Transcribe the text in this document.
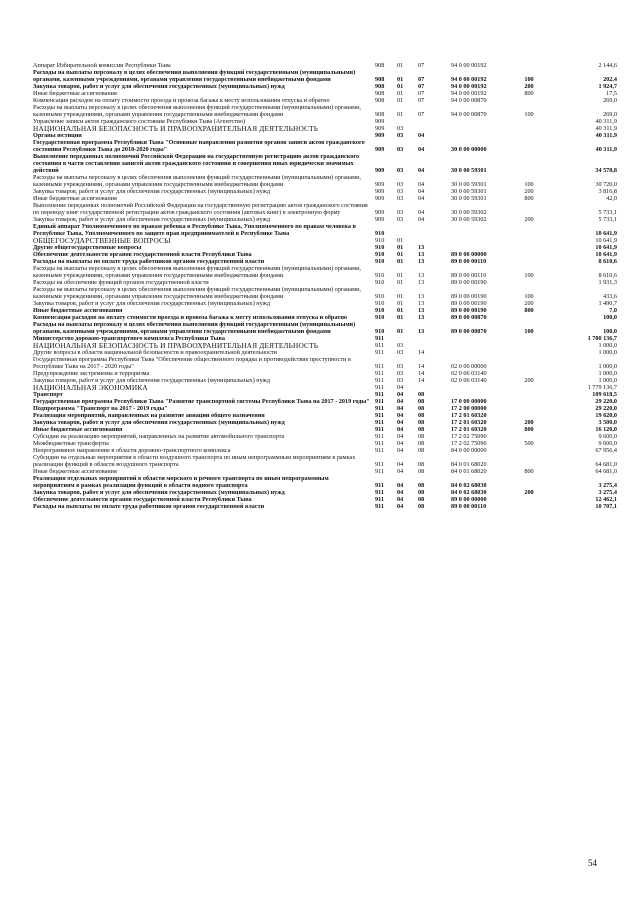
Аппарат Избирательной комиссии Республики Тыва	908	01	07	94 0 00 00192	2 144,6
Расходы на выплаты персоналу в целях обеспечения выполнения функций государственными (муниципальными) органами, казенными учреждениями, органами управления государственными внебюджетными фондами	908	01	07	94 0 00 00192	100	202,4
Закупка товаров, работ и услуг для обеспечения государственных (муниципальных) нужд	908	01	07	94 0 00 00192	200	1 924,7
Иные бюджетные ассигнования	908	01	07	94 0 00 00192	800	17,5
Компенсация расходов на оплату стоимости проезда и провоза багажа к месту использования отпуска и обратно	908	01	07	94 0 00 00870	269,0
Расходы на выплаты персоналу в целях обеспечения выполнения функций государственными (муниципальными) органами, казенными учреждениями, органами управления государственными внебюджетными фондами	908	01	07	94 0 00 00870	100	269,0
Управление записи актов гражданского состояния Республики Тыва (Агентство)	909	40 311,9
НАЦИОНАЛЬНАЯ БЕЗОПАСНОСТЬ И ПРАВООХРАНИТЕЛЬНАЯ ДЕЯТЕЛЬНОСТЬ	909	03	40 311,9
Органы юстиции	909	03	04	40 311,9
Государственная программа Республики Тыва "Основные направления развития органов записи актов гражданского состояния Республики Тыва до 2018-2020 годы"	909	03	04	30 0 00 00000	40 311,9
Выполнение переданных полномочий Российской Федерации на государственную регистрацию актов гражданского состояния в части составления записей актов гражданского состояния и совершения иных юридически значимых действий	909	03	04	30 0 00 59301	34 578,8
Расходы на выплаты персоналу в целях обеспечения выполнения функций государственными (муниципальными) органами, казенными учреждениями, органами управления государственными внебюджетными фондами	909	03	04	30 0 00 59301	100	30 720,0
Закупка товаров, работ и услуг для обеспечения государственных (муниципальных) нужд	909	03	04	30 0 00 59301	200	3 816,8
Иные бюджетные ассигнования	909	03	04	30 0 00 59301	800	42,0
Выполнение переданных полномочий Российской Федерации на государственную регистрацию актов гражданского состояния по переводу книг государственной регистрации актов гражданского состояния (актовых книг) в электронную форму	909	03	04	30 0 00 59302	5 733,1
Закупка товаров, работ и услуг для обеспечения государственных (муниципальных) нужд	909	03	04	30 0 00 59302	200	5 733,1
Единый аппарат Уполномоченного по правам ребенка в Республике Тыва, Уполномоченного по правам человека в Республике Тыва, Уполномоченного по защите прав предпринимателей в Республике Тыва	910	10 641,9
ОБЩЕГОСУДАРСТВЕННЫЕ ВОПРОСЫ	910	01	10 641,9
Другие общегосударственные вопросы	910	01	13	10 641,9
Обеспечение деятельности органов государственной власти Республики Тыва	910	01	13	89 0 00 00000	10 641,9
Расходы на выплаты по оплате труда работников органов государственной власти	910	01	13	89 0 00 00110	8 610,6
Расходы на выплаты персоналу в целях обеспечения выполнения функций государственными (муниципальными) органами, казенными учреждениями, органами управления государственными внебюджетными фондами	910	01	13	89 0 00 00110	100	8 610,6
Расходы на обеспечение функций органов государственной власти	910	01	13	89 0 00 00190	1 931,3
Расходы на выплаты персоналу в целях обеспечения выполнения функций государственными (муниципальными) органами, казенными учреждениями, органами управления государственными внебюджетными фондами	910	01	13	89 0 00 00190	100	433,6
Закупка товаров, работ и услуг для обеспечения государственных (муниципальных) нужд	910	01	13	89 0 00 00190	200	1 490,7
Иные бюджетные ассигнования	910	01	13	89 0 00 00190	800	7,0
Компенсация расходов на оплату стоимости проезда и провоза багажа к месту использования отпуска и обратно	910	01	13	89 0 00 00870	100,0
Расходы на выплаты персоналу в целях обеспечения выполнения функций государственными (муниципальными) органами, казенными учреждениями, органами управления государственными внебюджетными фондами	910	01	13	89 0 00 00870	100	100,0
Министерство дорожно-транспортного комплекса Республики Тыва	911	1 780 136,7
НАЦИОНАЛЬНАЯ БЕЗОПАСНОСТЬ И ПРАВООХРАНИТЕЛЬНАЯ ДЕЯТЕЛЬНОСТЬ	911	03	1 000,0
Другие вопросы в области национальной безопасности и правоохранительной деятельности	911	03	14	1 000,0
Государственная программа Республики Тыва "Обеспечение общественного порядка и противодействие преступности в Республике Тыва на 2017 - 2020 годы"	911	03	14	02 0 00 00000	1 000,0
Предупреждение экстремизма и терроризма	911	03	14	02 0 06 03140	1 000,0
Закупка товаров, работ и услуг для обеспечения государственных (муниципальных) нужд	911	03	14	02 0 06 03140	200	1 000,0
НАЦИОНАЛЬНАЯ ЭКОНОМИКА	911	04	1 779 136,7
Транспорт	911	04	08	109 618,5
Государственная программа Республики Тыва "Развитие транспортной системы Республики Тыва на 2017 - 2019 годы" 911	04	08	17 0 00 00000	29 220,0
Подпрограмма "Транспорт на 2017 - 2019 годы"	911	04	08	17 2 00 00000	29 220,0
Реализация мероприятий, направленных на развитие авиации общего назначения	911	04	08	17 2 01 60320	19 620,0
Закупка товаров, работ и услуг для обеспечения государственных (муниципальных) нужд	911	04	08	17 2 01 60320	200	3 500,0
Иные бюджетные ассигнования	911	04	08	17 2 01 60320	800	16 120,0
Субсидии на реализацию мероприятий, направленных на развитие автомобильного транспорта	911	04	08	17 2 02 75090	9 600,0
Межбюджетные трансферты	911	04	08	17 2 02 75090	500	9 600,0
Непрограммное направление в области дорожно-транспортного комплекса	911	04	08	84 0 00 00000	67 956,4
Субсидии на отдельные мероприятия в области воздушного транспорта по иным непрограммным мероприятиям в рамках реализации функций в области воздушного транспорта	911	04	08	84 0 01 68020	64 681,0
Иные бюджетные ассигнования	911	04	08	84 0 01 68020	800	64 681,0
Реализация отдельных мероприятий в области морского и речного транспорта по иным непрограммным мероприятиям в рамках реализации функций в области водного транспорта	911	04	08	84 0 02 68030	3 275,4
Закупка товаров, работ и услуг для обеспечения государственных (муниципальных) нужд	911	04	08	84 0 02 68030	200	3 275,4
Обеспечение деятельности органов государственной власти Республики Тыва	911	04	08	89 0 00 00000	12 462,1
Расходы на выплаты по оплате труда работников органов государственной власти	911	04	08	89 0 00 00110	10 707,1
54
